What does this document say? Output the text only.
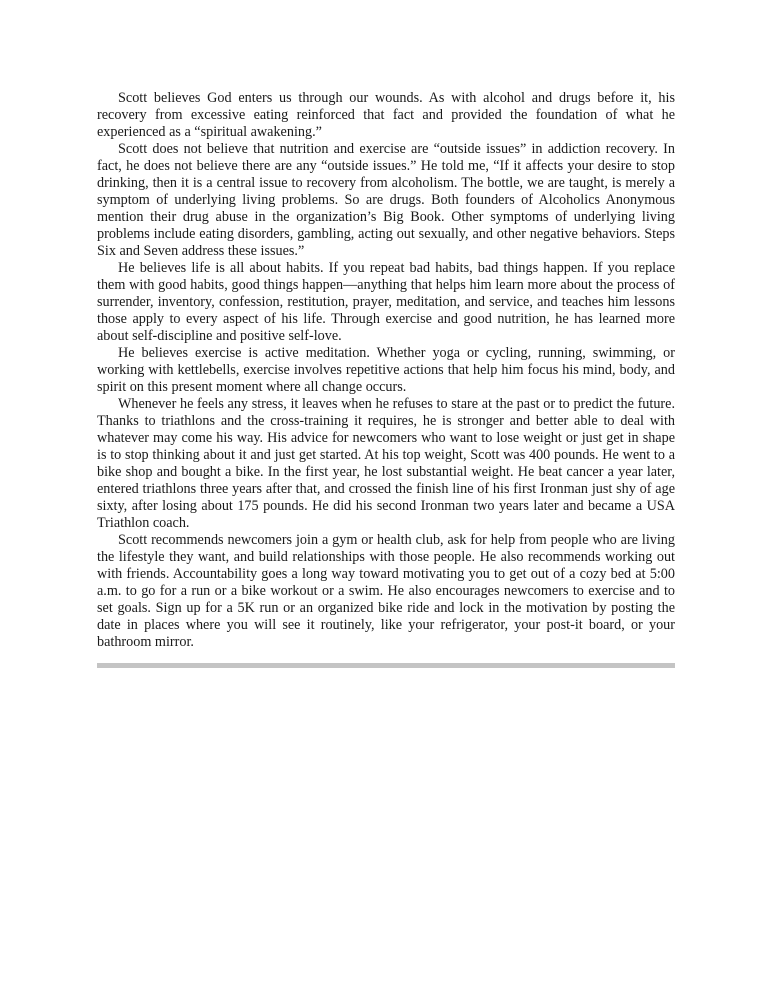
Scott believes God enters us through our wounds. As with alcohol and drugs before it, his recovery from excessive eating reinforced that fact and provided the foundation of what he experienced as a “spiritual awakening.”

Scott does not believe that nutrition and exercise are “outside issues” in addiction recovery. In fact, he does not believe there are any “outside issues.” He told me, “If it affects your desire to stop drinking, then it is a central issue to recovery from alcoholism. The bottle, we are taught, is merely a symptom of underlying living problems. So are drugs. Both founders of Alcoholics Anonymous mention their drug abuse in the organization’s Big Book. Other symptoms of underlying living problems include eating disorders, gambling, acting out sexually, and other negative behaviors. Steps Six and Seven address these issues.”

He believes life is all about habits. If you repeat bad habits, bad things happen. If you replace them with good habits, good things happen—anything that helps him learn more about the process of surrender, inventory, confession, restitution, prayer, meditation, and service, and teaches him lessons those apply to every aspect of his life. Through exercise and good nutrition, he has learned more about self-discipline and positive self-love.

He believes exercise is active meditation. Whether yoga or cycling, running, swimming, or working with kettlebells, exercise involves repetitive actions that help him focus his mind, body, and spirit on this present moment where all change occurs.

Whenever he feels any stress, it leaves when he refuses to stare at the past or to predict the future. Thanks to triathlons and the cross-training it requires, he is stronger and better able to deal with whatever may come his way. His advice for newcomers who want to lose weight or just get in shape is to stop thinking about it and just get started. At his top weight, Scott was 400 pounds. He went to a bike shop and bought a bike. In the first year, he lost substantial weight. He beat cancer a year later, entered triathlons three years after that, and crossed the finish line of his first Ironman just shy of age sixty, after losing about 175 pounds. He did his second Ironman two years later and became a USA Triathlon coach.

Scott recommends newcomers join a gym or health club, ask for help from people who are living the lifestyle they want, and build relationships with those people. He also recommends working out with friends. Accountability goes a long way toward motivating you to get out of a cozy bed at 5:00 a.m. to go for a run or a bike workout or a swim. He also encourages newcomers to exercise and to set goals. Sign up for a 5K run or an organized bike ride and lock in the motivation by posting the date in places where you will see it routinely, like your refrigerator, your post-it board, or your bathroom mirror.
